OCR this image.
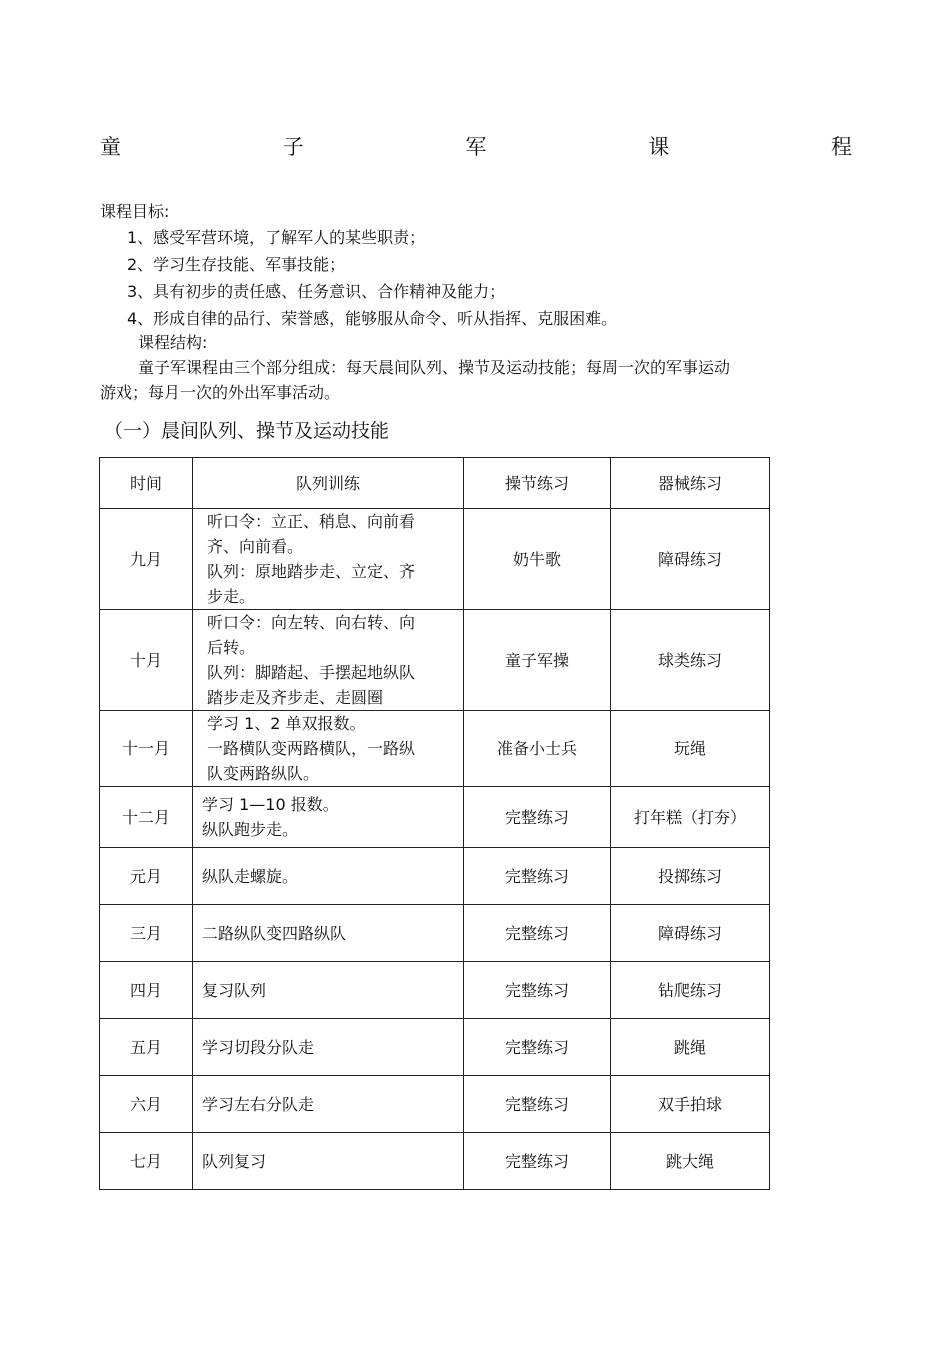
童	子	军	课	程
课程目标:
1、感受军营环境，了解军人的某些职责；
2、学习生存技能、军事技能；
3、具有初步的责任感、任务意识、合作精神及能力；
4、形成自律的品行、荣誉感，能够服从命令、听从指挥、克服困难。
课程结构:
童子军课程由三个部分组成：每天晨间队列、操节及运动技能；每周一次的军事运动
游戏；每月一次的外出军事活动。
（一）晨间队列、操节及运动技能
时间	队列训练	操节练习	器械练习
九月	听口令：立正、稍息、向前看
齐、向前看。
队列：原地踏步走、立定、齐
步走。	奶牛歌	障碍练习
十月	听口令：向左转、向右转、向
后转。
队列：脚踏起、手摆起地纵队
踏步走及齐步走、走圆圈	童子军操	球类练习
十一月	学习 1、2 单双报数。
一路横队变两路横队，一路纵
队变两路纵队。	准备小士兵	玩绳
十二月	学习 1—10 报数。
纵队跑步走。	完整练习	打年糕（打夯）
元月	纵队走螺旋。	完整练习	投掷练习
三月	二路纵队变四路纵队	完整练习	障碍练习
四月	复习队列	完整练习	钻爬练习
五月	学习切段分队走	完整练习	跳绳
六月	学习左右分队走	完整练习	双手拍球
七月	队列复习	完整练习	跳大绳
